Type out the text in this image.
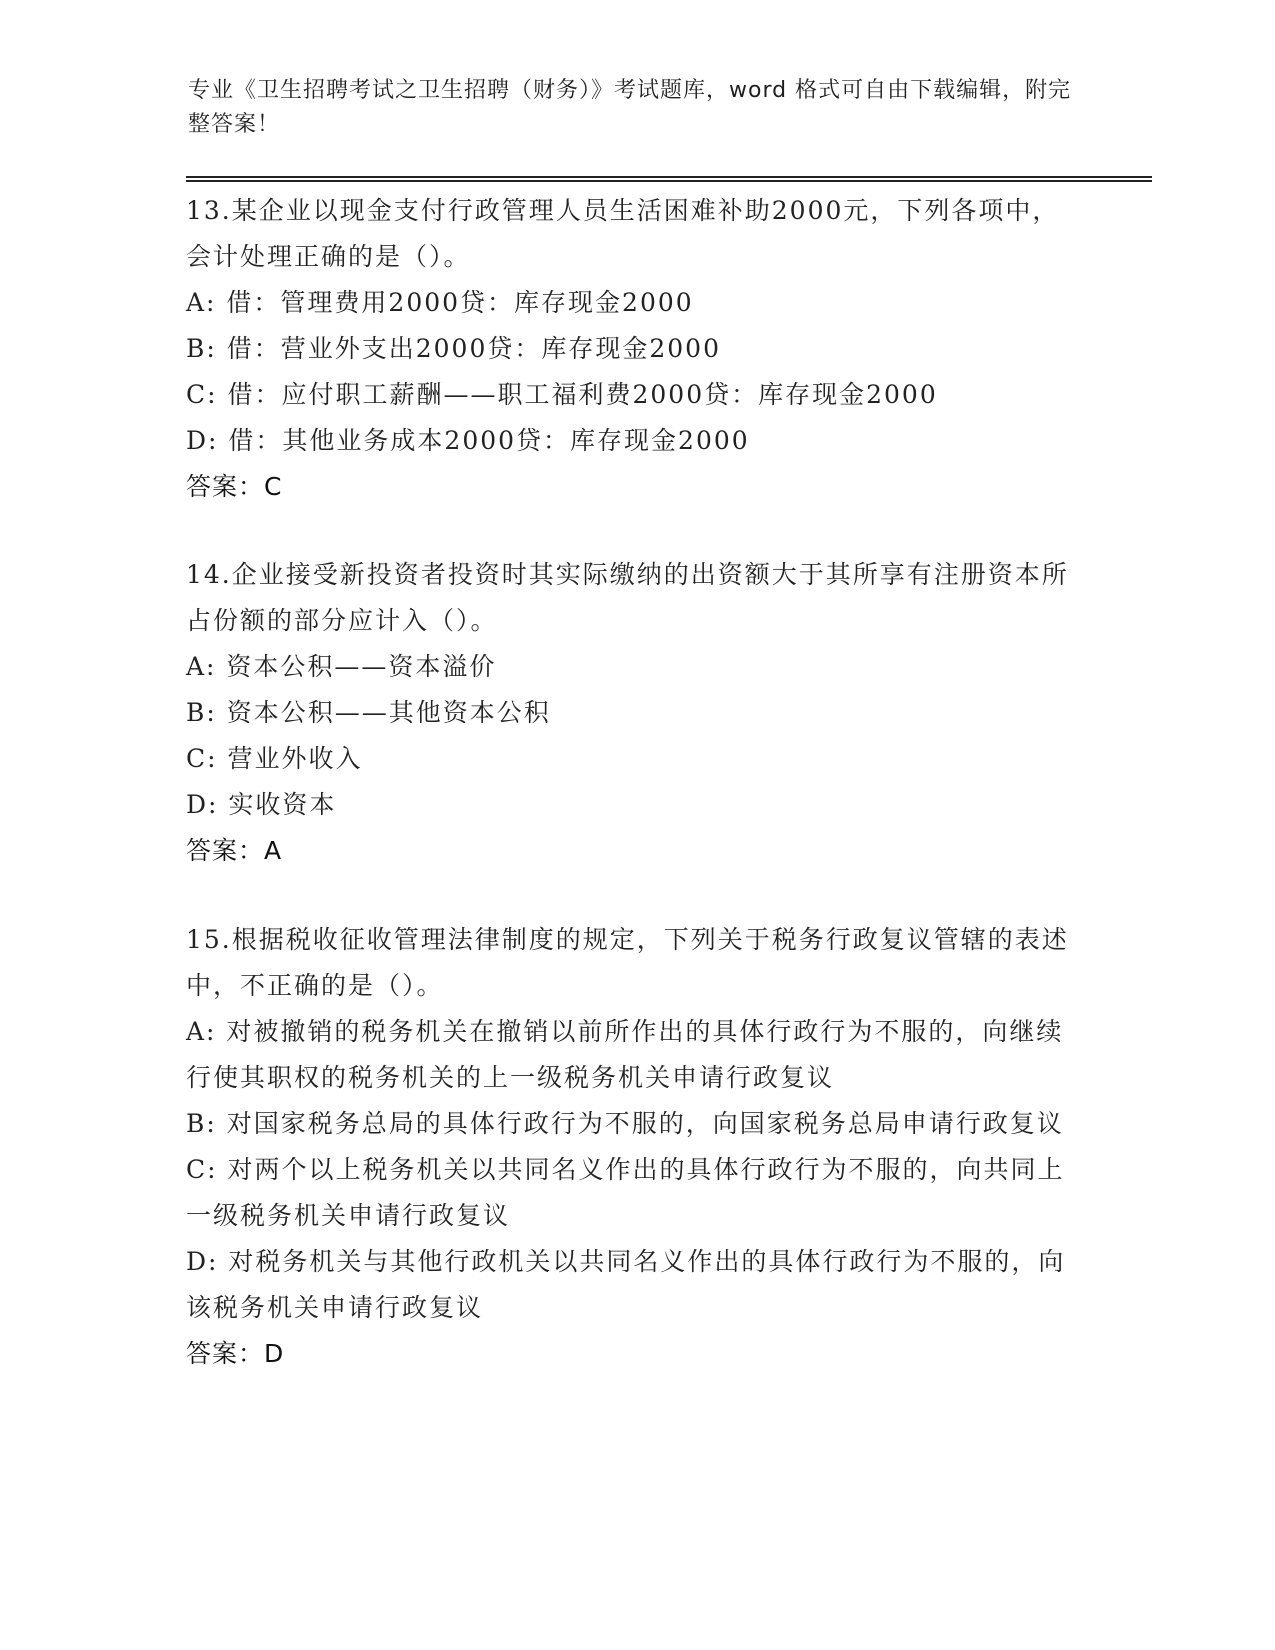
专业《卫生招聘考试之卫生招聘（财务）》考试题库，word 格式可自由下载编辑，附完整答案！

13.某企业以现金支付行政管理人员生活困难补助2000元，下列各项中，会计处理正确的是（）。

A: 借：管理费用2000贷：库存现金2000

B: 借：营业外支出2000贷：库存现金2000

C: 借：应付职工薪酬——职工福利费2000贷：库存现金2000

D: 借：其他业务成本2000贷：库存现金2000

答案：C

14.企业接受新投资者投资时其实际缴纳的出资额大于其所享有注册资本所占份额的部分应计入（）。

A: 资本公积——资本溢价

B: 资本公积——其他资本公积

C: 营业外收入

D: 实收资本

答案：A

15.根据税收征收管理法律制度的规定，下列关于税务行政复议管辖的表述中，不正确的是（）。

A: 对被撤销的税务机关在撤销以前所作出的具体行政行为不服的，向继续行使其职权的税务机关的上一级税务机关申请行政复议

B: 对国家税务总局的具体行政行为不服的，向国家税务总局申请行政复议

C: 对两个以上税务机关以共同名义作出的具体行政行为不服的，向共同上一级税务机关申请行政复议

D: 对税务机关与其他行政机关以共同名义作出的具体行政行为不服的，向该税务机关申请行政复议

答案：D
